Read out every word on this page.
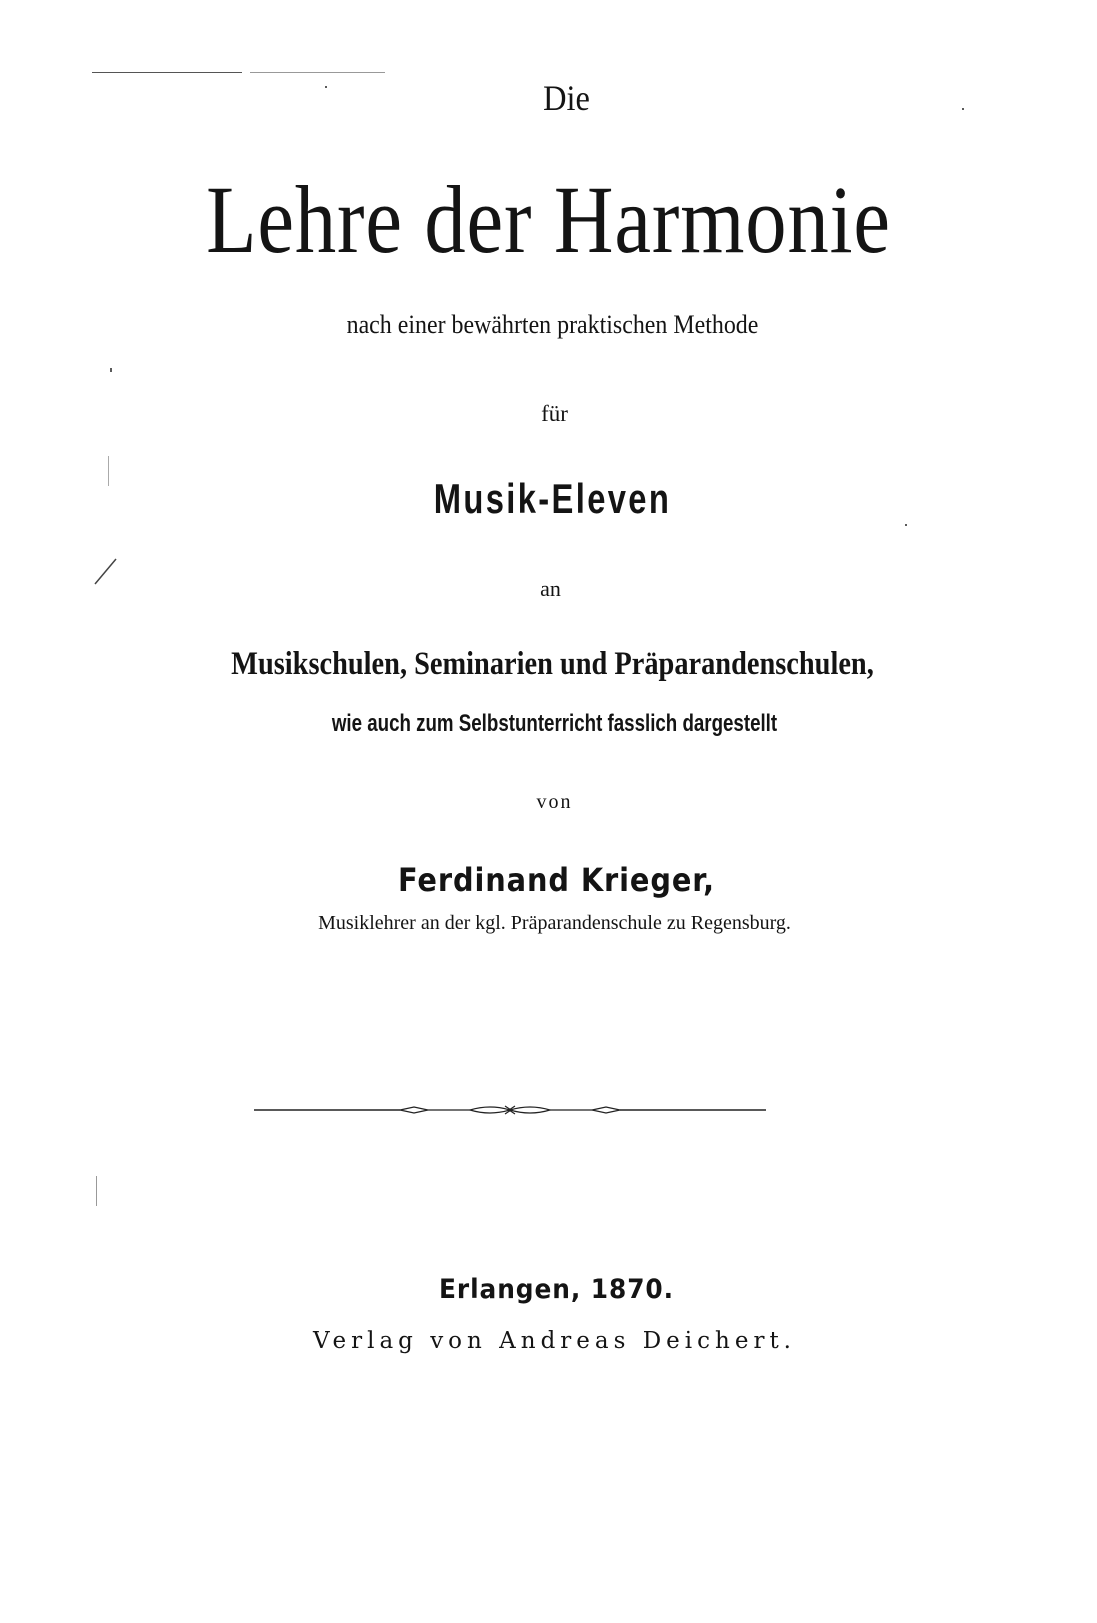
Die
Lehre der Harmonie
nach einer bewährten praktischen Methode
für
Musik-Eleven
an
Musikschulen, Seminarien und Präparandenschulen,
wie auch zum Selbstunterricht fasslich dargestellt
von
Ferdinand Krieger,
Musiklehrer an der kgl. Präparandenschule zu Regensburg.
Erlangen, 1870.
Verlag von Andreas Deichert.
